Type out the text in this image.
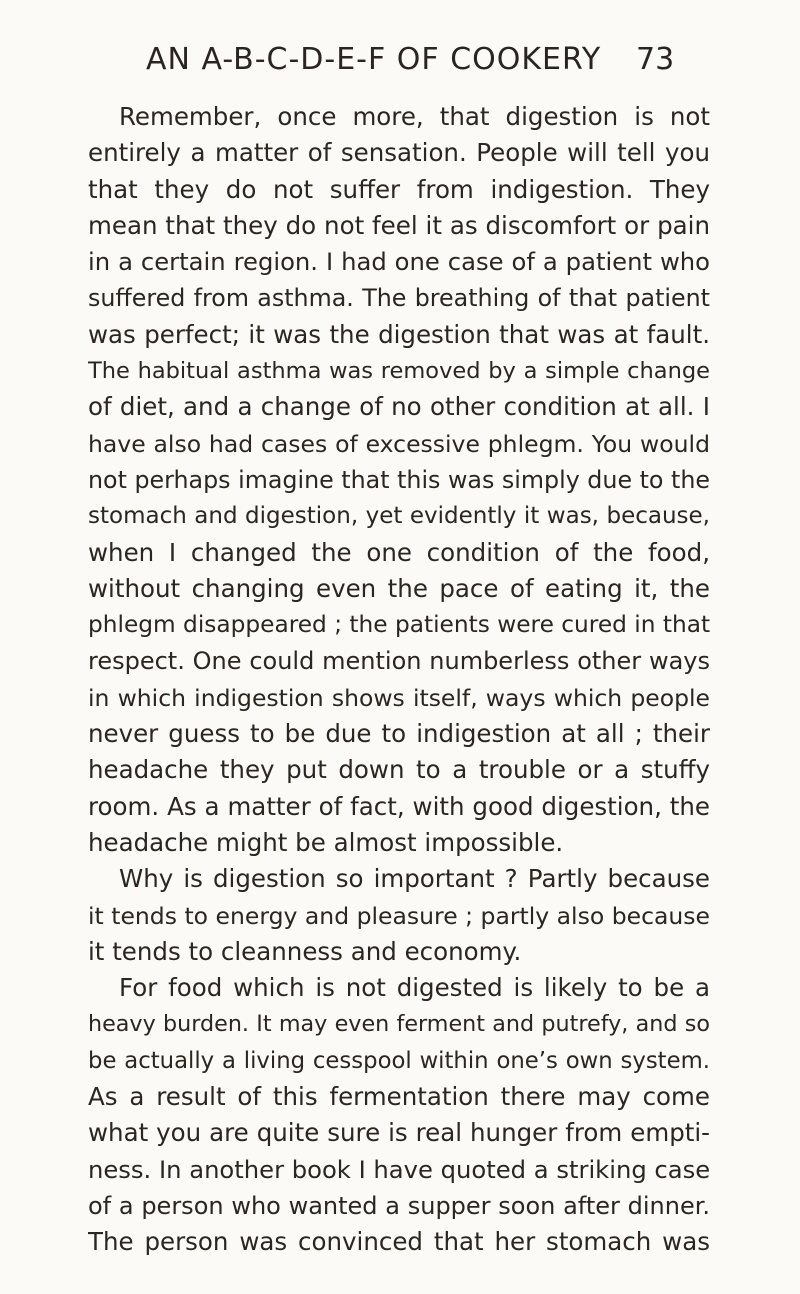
AN A-B-C-D-E-F OF COOKERY 73
Remember, once more, that digestion is not
entirely a matter of sensation. People will tell you
that they do not suffer from indigestion. They
mean that they do not feel it as discomfort or pain
in a certain region. I had one case of a patient who
suffered from asthma. The breathing of that patient
was perfect; it was the digestion that was at fault.
The habitual asthma was removed by a simple change
of diet, and a change of no other condition at all. I
have also had cases of excessive phlegm. You would
not perhaps imagine that this was simply due to the
stomach and digestion, yet evidently it was, because,
when I changed the one condition of the food,
without changing even the pace of eating it, the
phlegm disappeared ; the patients were cured in that
respect. One could mention numberless other ways
in which indigestion shows itself, ways which people
never guess to be due to indigestion at all ; their
headache they put down to a trouble or a stuffy
room. As a matter of fact, with good digestion, the
headache might be almost impossible.
Why is digestion so important ? Partly because
it tends to energy and pleasure ; partly also because
it tends to cleanness and economy.
For food which is not digested is likely to be a
heavy burden. It may even ferment and putrefy, and so
be actually a living cesspool within one’s own system.
As a result of this fermentation there may come
what you are quite sure is real hunger from empti-
ness. In another book I have quoted a striking case
of a person who wanted a supper soon after dinner.
The person was convinced that her stomach was
